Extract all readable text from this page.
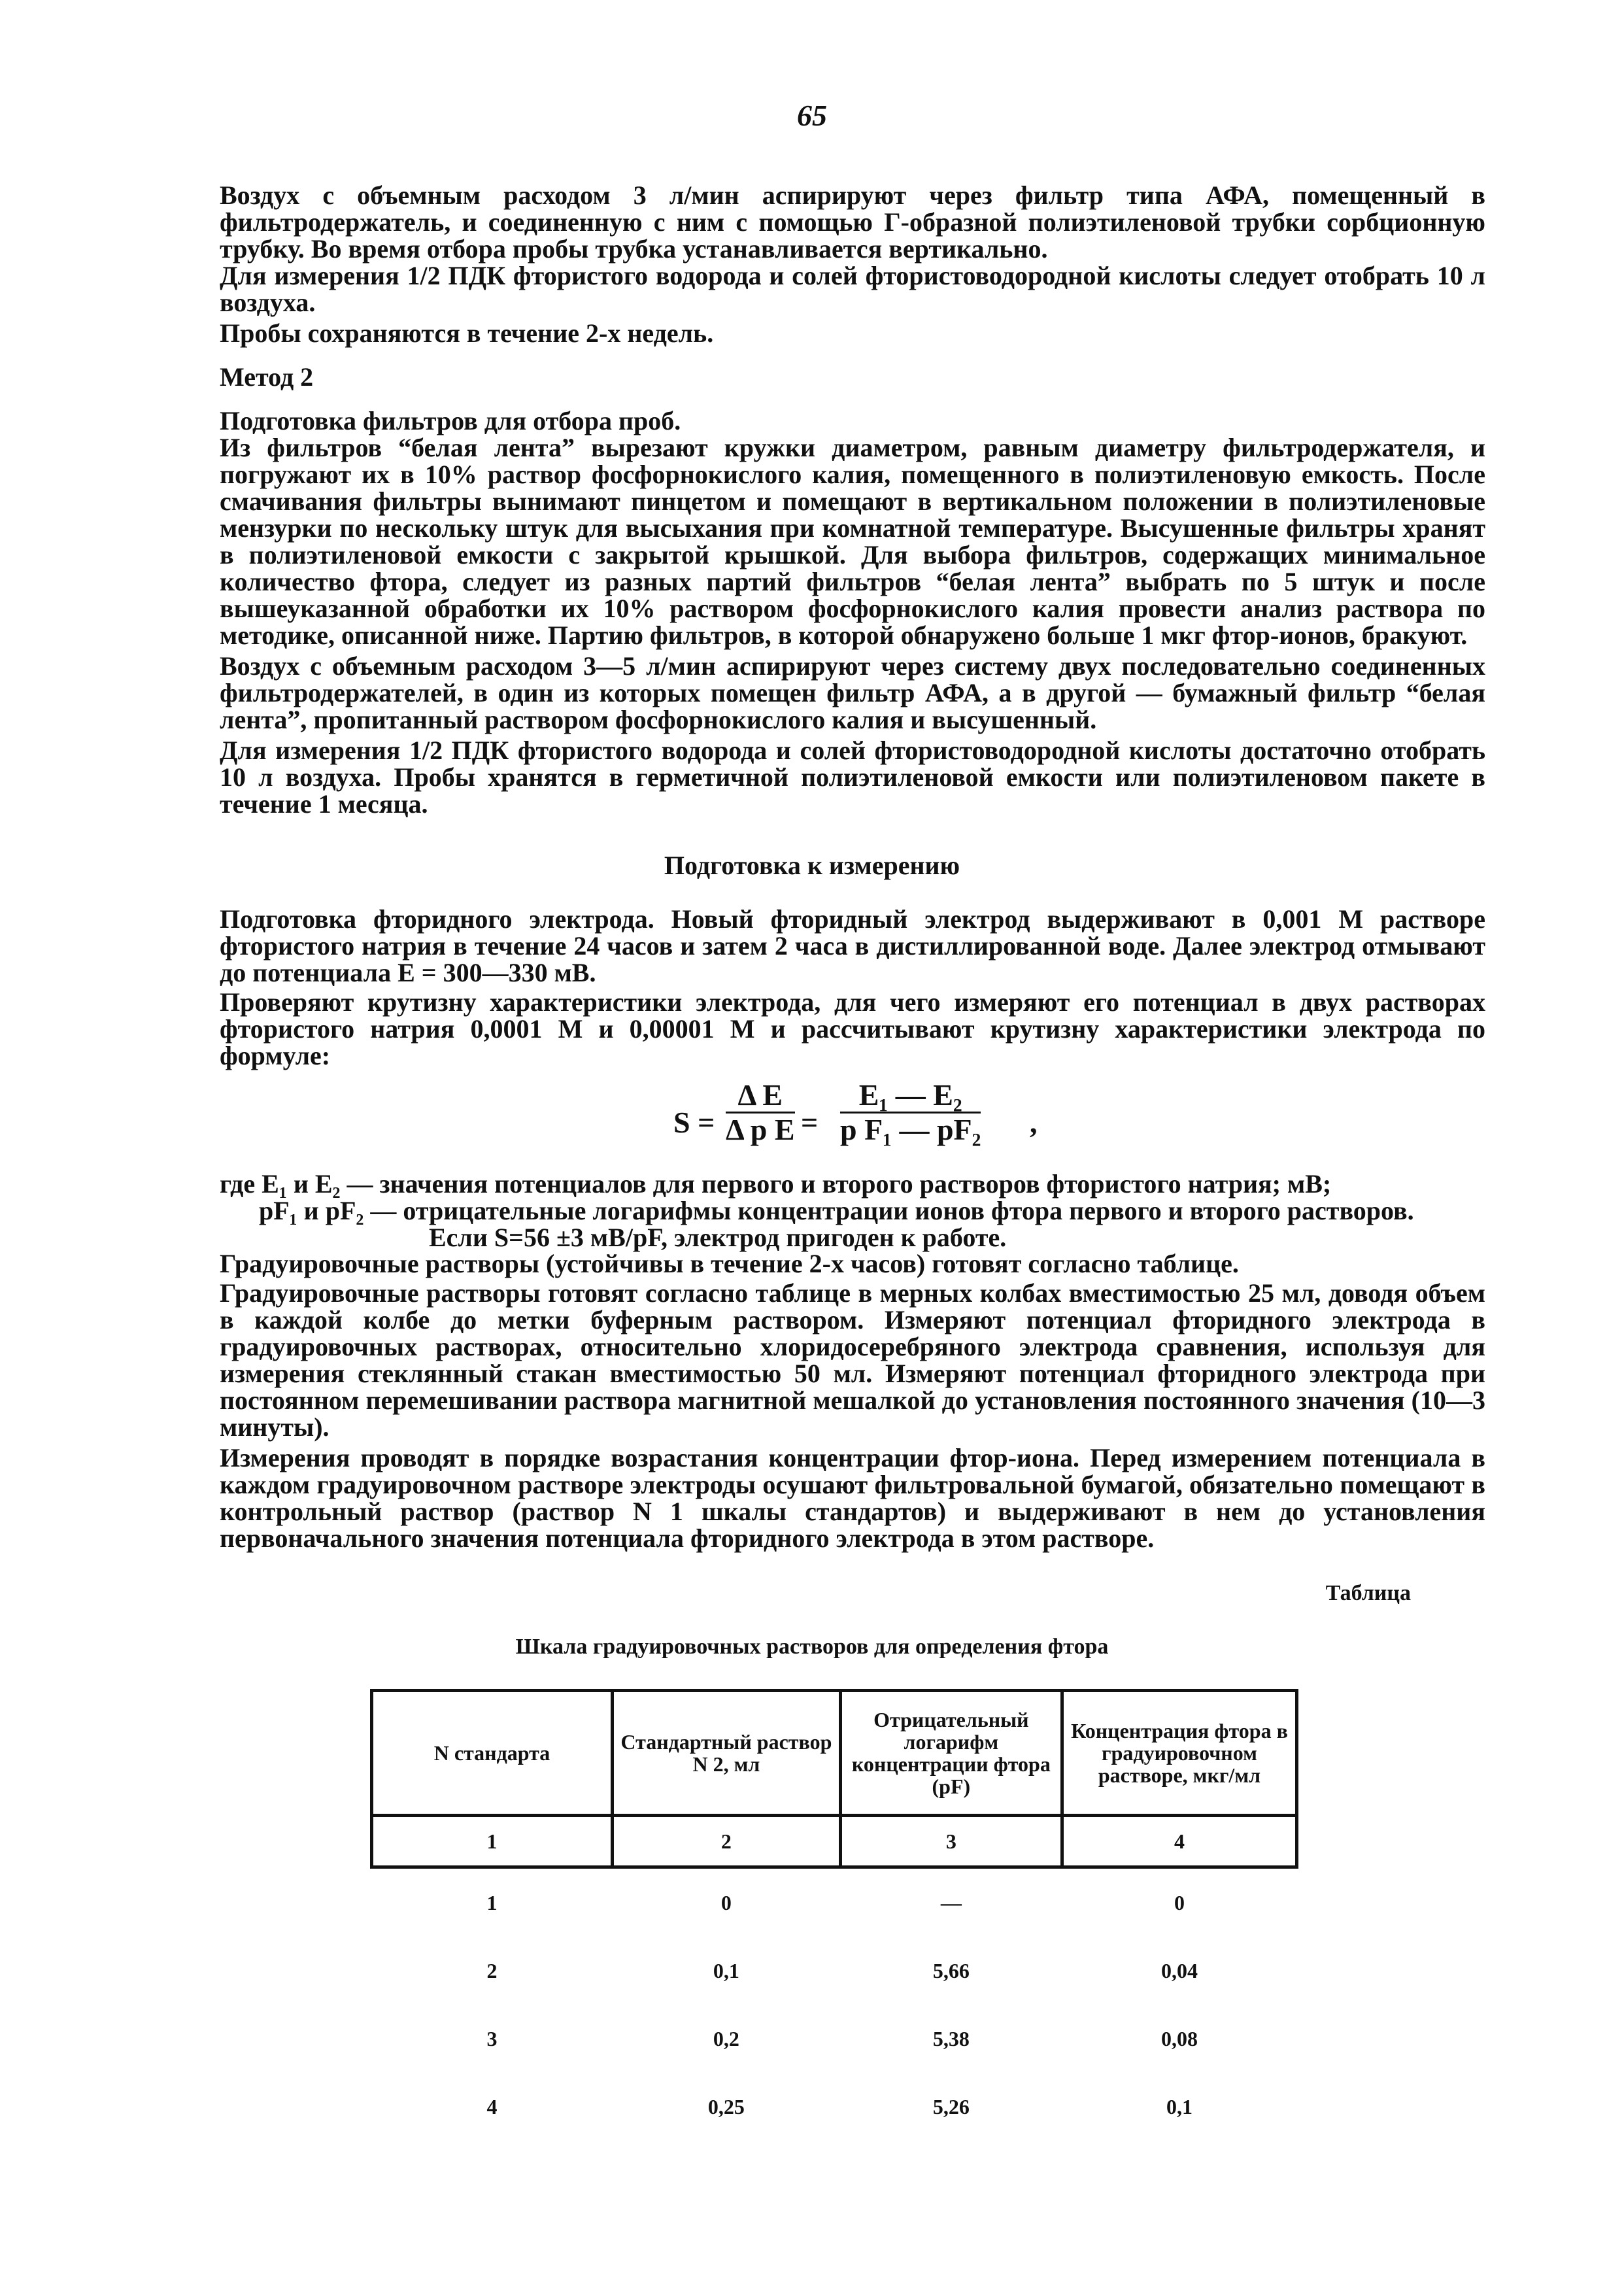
65

Воздух с объемным расходом 3 л/мин аспирируют через фильтр типа АФА, помещенный в фильтродержатель, и соединенную с ним с помощью Г-образной полиэтиленовой трубки сорбционную трубку. Во время отбора пробы трубка устанавливается вертикально.

Для измерения 1/2 ПДК фтористого водорода и солей фтористоводородной кислоты следует отобрать 10 л воздуха.

Пробы сохраняются в течение 2-х недель.

Метод 2

Подготовка фильтров для отбора проб.

Из фильтров “белая лента” вырезают кружки диаметром, равным диаметру фильтродержателя, и погружают их в 10% раствор фосфорнокислого калия, помещенного в полиэтиленовую емкость. После смачивания фильтры вынимают пинцетом и помещают в вертикальном положении в полиэтиленовые мензурки по нескольку штук для высыхания при комнатной температуре. Высушенные фильтры хранят в полиэтиленовой емкости с закрытой крышкой. Для выбора фильтров, содержащих минимальное количество фтора, следует из разных партий фильтров “белая лента” выбрать по 5 штук и после вышеуказанной обработки их 10% раствором фосфорнокислого калия провести анализ раствора по методике, описанной ниже. Партию фильтров, в которой обнаружено больше 1 мкг фтор-ионов, бракуют.

Воздух с объемным расходом 3—5 л/мин аспирируют через систему двух последовательно соединенных фильтродержателей, в один из которых помещен фильтр АФА, а в другой — бумажный фильтр “белая лента”, пропитанный раствором фосфорнокислого калия и высушенный.

Для измерения 1/2 ПДК фтористого водорода и солей фтористоводородной кислоты достаточно отобрать 10 л воздуха. Пробы хранятся в герметичной полиэтиленовой емкости или полиэтиленовом пакете в течение 1 месяца.

Подготовка к измерению

Подготовка фторидного электрода. Новый фторидный электрод выдерживают в 0,001 М растворе фтористого натрия в течение 24 часов и затем 2 часа в дистиллированной воде. Далее электрод отмывают до потенциала E = 300—330 мВ.

Проверяют крутизну характеристики электрода, для чего измеряют его потенциал в двух растворах фтористого натрия 0,0001 М и 0,00001 М и рассчитывают крутизну характеристики электрода по формуле:

$S = \frac{\text{Δ E}}{\text{Δ p E}} = \frac{\text{E₁ — E₂}}{\text{p F₁ — pF₂}}$ ,

где E₁ и E₂ — значения потенциалов для первого и второго растворов фтористого натрия; мВ;

pF₁ и pF₂ — отрицательные логарифмы концентрации ионов фтора первого и второго растворов.

Если S=56 ±3 мВ/pF, электрод пригоден к работе.

Градуировочные растворы (устойчивы в течение 2-х часов) готовят согласно таблице.

Градуировочные растворы готовят согласно таблице в мерных колбах вместимостью 25 мл, доводя объем в каждой колбе до метки буферным раствором. Измеряют потенциал фторидного электрода в градуировочных растворах, относительно хлоридосеребряного электрода сравнения, используя для измерения стеклянный стакан вместимостью 50 мл. Измеряют потенциал фторидного электрода при постоянном перемешивании раствора магнитной мешалкой до установления постоянного значения (10—3 минуты).

Измерения проводят в порядке возрастания концентрации фтор-иона. Перед измерением потенциала в каждом градуировочном растворе электроды осушают фильтровальной бумагой, обязательно помещают в контрольный раствор (раствор N 1 шкалы стандартов) и выдерживают в нем до установления первоначального значения потенциала фторидного электрода в этом растворе.

Таблица
Шкала градуировочных растворов для определения фтора
N стандарта	Стандартный раствор N 2, мл	Отрицательный логарифм концентрации фтора (pF)	Концентрация фтора в градуировочном растворе, мкг/мл
1	2	3	4
1	0	—	0
2	0,1	5,66	0,04
3	0,2	5,38	0,08
4	0,25	5,26	0,1
